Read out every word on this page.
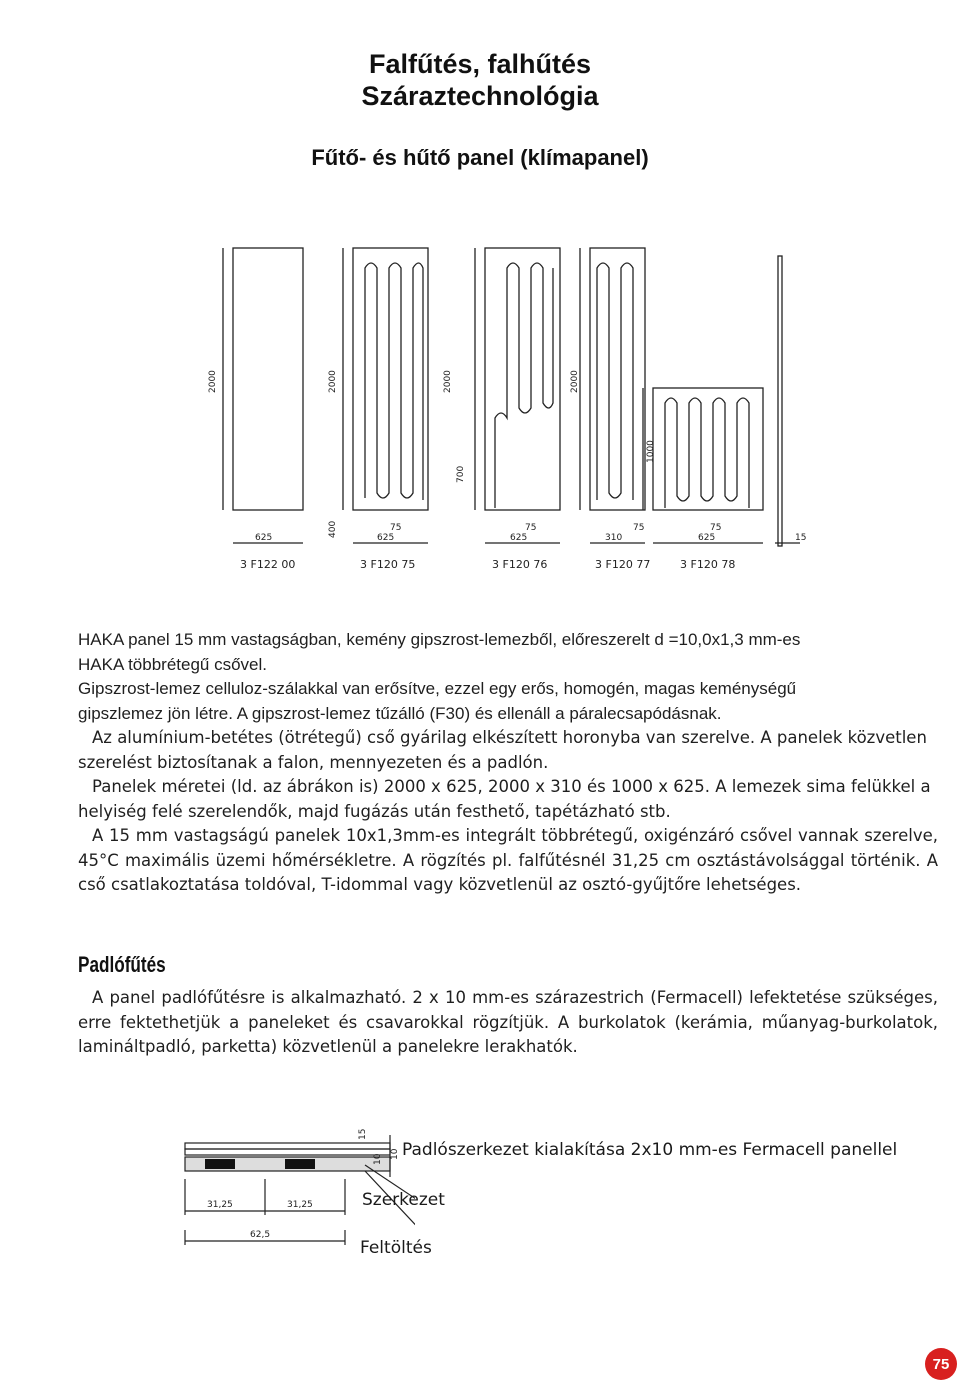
Falfűtés, falhűtés
Száraztechnológia
Fűtő- és hűtő panel (klímapanel)
2000	2000	2000	2000
1000
700
400
625
75
625
75
625
75
310
75
625	15
3 F122 00	3 F120 75	3 F120 76	3 F120 77	3 F120 78

HAKA panel 15 mm vastagságban, kemény gipszrost-lemezből, előreszerelt d =10,0x1,3 mm-es

HAKA többrétegű csővel.

Gipszrost-lemez celluloz-szálakkal van erősítve, ezzel egy erős, homogén, magas keménységű

gipszlemez jön létre. A gipszrost-lemez tűzálló (F30) és ellenáll a páralecsapódásnak.

Az alumínium-betétes (ötrétegű) cső gyárilag elkészített horonyba van szerelve. A panelek közvetlen szerelést biztosítanak a falon, mennyezeten és a padlón.

Panelek méretei (ld. az ábrákon is) 2000 x 625, 2000 x 310 és 1000 x 625. A lemezek sima felükkel a helyiség felé szerelendők, majd fugázás után festhető, tapétázható stb.

A 15 mm vastagságú panelek 10x1,3mm-es integrált többrétegű, oxigénzáró csővel vannak szerelve, 45°C maximális üzemi hőmérsékletre. A rögzítés pl. falfűtésnél 31,25 cm osztástávolsággal történik. A cső csatlakoztatása toldóval, T-idommal vagy közvetlenül az osztó-gyűjtőre lehetséges.

Padlófűtés

A panel padlófűtésre is alkalmazható. 2 x 10 mm-es szárazestrich (Fermacell) lefektetése szükséges, erre fektethetjük a paneleket és csavarokkal rögzítjük. A burkolatok (kerámia, műanyag-burkolatok, lamináltpadló, parketta) közvetlenül a panelekre lerakhatók.

31,25	31,25
62,5
15
10 10 Padlószerkezet kialakítása 2x10 mm-es Fermacell panellel
Szerkezet
Feltöltés
75
